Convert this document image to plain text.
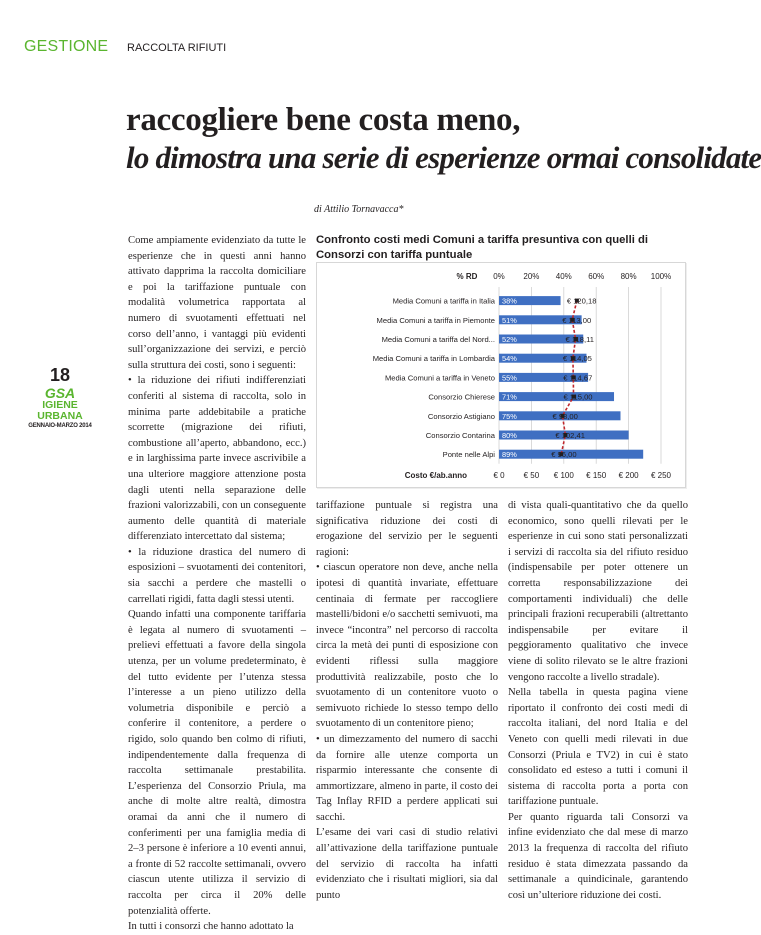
GESTIONE RACCOLTA RIFIUTI
raccogliere bene costa meno,
lo dimostra una serie di esperienze ormai consolidate
di Attilio Tornavacca*
18
GSA
IGIENE URBANA
GENNAIO-MARZO 2014

Come ampiamente evidenziato da tutte le esperienze che in questi anni hanno attivato dapprima la raccolta domiciliare e poi la tariffazione puntuale con modalità volumetrica rapportata al numero di svuotamenti effettuati nel corso dell’anno, i vantaggi più evidenti sull’organizzazione dei servizi, e perciò sulla struttura dei costi, sono i seguenti:

• la riduzione dei rifiuti indifferenziati conferiti al sistema di raccolta, solo in minima parte addebitabile a pratiche scorrette (migrazione dei rifiuti, combustione all’aperto, abbandono, ecc.) e in larghissima parte invece ascrivibile a una ulteriore maggiore attenzione posta dagli utenti nella separazione delle frazioni valorizzabili, con un conseguente aumento delle quantità di materiale differenziato intercettato dal sistema;

• la riduzione drastica del numero di esposizioni – svuotamenti dei contenitori, sia sacchi a perdere che mastelli o carrellati rigidi, fatta dagli stessi utenti.

Quando infatti una componente tariffaria è legata al numero di svuotamenti – prelievi effettuati a favore della singola utenza, per un volume predeterminato, è del tutto evidente per l’utenza stessa l’interesse a un pieno utilizzo della volumetria disponibile e perciò a conferire il contenitore, a perdere o rigido, solo quando ben colmo di rifiuti, indipendentemente dalla frequenza di raccolta settimanale prestabilita. L’esperienza del Consorzio Priula, ma anche di molte altre realtà, dimostra oramai da anni che il numero di conferimenti per una famiglia media di 2–3 persone è inferiore a 10 eventi annui, a fronte di 52 raccolte settimanali, ovvero ciascun utente utilizza il servizio di raccolta per circa il 20% delle potenzialità offerte.

In tutti i consorzi che hanno adottato la

Confronto costi medi Comuni a tariffa presuntiva con quelli di Consorzi con tariffa puntuale
Media Comuni a tariffa in Italia 38%	€ 120,18
Media Comuni a tariffa in Piemonte 51%	€ 113,00
Media Comuni a tariffa del Nord... 52%	€ 118,11
Media Comuni a tariffa in Lombardia 54%	€ 114,05
Media Comuni a tariffa in Veneto 55%	€ 114,67
Consorzio Chierese 71%	€ 115,00
Consorzio Astigiano 75%	€ 98,00
Consorzio Contarina 80%	€ 102,41
Ponte nelle Alpi 89%	€ 96,00
0% 20% 40% 60% 80% 100%
% RD
€ 0 € 50 € 100 € 150 € 200 € 250
Costo €/ab.anno

tariffazione puntuale si registra una significativa riduzione dei costi di erogazione del servizio per le seguenti ragioni:

• ciascun operatore non deve, anche nella ipotesi di quantità invariate, effettuare centinaia di fermate per raccogliere mastelli/bidoni e/o sacchetti semivuoti, ma invece “incontra” nel percorso di raccolta circa la metà dei punti di esposizione con evidenti riflessi sulla maggiore produttività realizzabile, posto che lo svuotamento di un contenitore vuoto o semivuoto richiede lo stesso tempo dello svuotamento di un contenitore pieno;

• un dimezzamento del numero di sacchi da fornire alle utenze comporta un risparmio interessante che consente di ammortizzare, almeno in parte, il costo dei Tag Inflay RFID a perdere applicati sui sacchi.

L’esame dei vari casi di studio relativi all’attivazione della tariffazione puntuale del servizio di raccolta ha infatti evidenziato che i risultati migliori, sia dal punto

di vista quali-quantitativo che da quello economico, sono quelli rilevati per le esperienze in cui sono stati personalizzati i servizi di raccolta sia del rifiuto residuo (indispensabile per poter ottenere un corretta responsabilizzazione dei comportamenti individuali) che delle principali frazioni recuperabili (altrettanto indispensabile per evitare il peggioramento qualitativo che invece viene di solito rilevato se le altre frazioni vengono raccolte a livello stradale).

Nella tabella in questa pagina viene riportato il confronto dei costi medi di raccolta italiani, del nord Italia e del Veneto con quelli medi rilevati in due Consorzi (Priula e TV2) in cui è stato consolidato ed esteso a tutti i comuni il sistema di raccolta porta a porta con tariffazione puntuale.

Per quanto riguarda tali Consorzi va infine evidenziato che dal mese di marzo 2013 la frequenza di raccolta del rifiuto residuo è stata dimezzata passando da settimanale a quindicinale, garantendo così un’ulteriore riduzione dei costi.
